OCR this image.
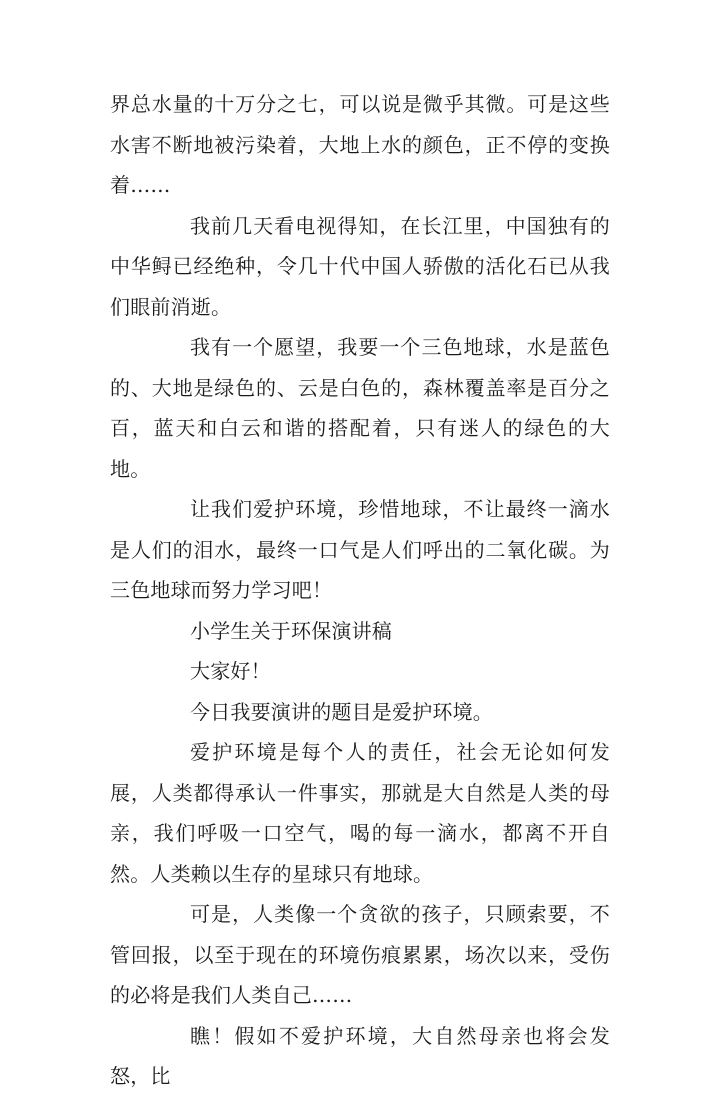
界总水量的十万分之七，可以说是微乎其微。可是这些水害不断地被污染着，大地上水的颜色，正不停的变换着……

我前几天看电视得知，在长江里，中国独有的中华鲟已经绝种，令几十代中国人骄傲的活化石已从我们眼前消逝。

我有一个愿望，我要一个三色地球，水是蓝色的、大地是绿色的、云是白色的，森林覆盖率是百分之百，蓝天和白云和谐的搭配着，只有迷人的绿色的大地。

让我们爱护环境，珍惜地球，不让最终一滴水是人们的泪水，最终一口气是人们呼出的二氧化碳。为三色地球而努力学习吧！

小学生关于环保演讲稿

大家好！

今日我要演讲的题目是爱护环境。

爱护环境是每个人的责任，社会无论如何发展，人类都得承认一件事实，那就是大自然是人类的母亲，我们呼吸一口空气，喝的每一滴水，都离不开自然。人类赖以生存的星球只有地球。

可是，人类像一个贪欲的孩子，只顾索要，不管回报，以至于现在的环境伤痕累累，场次以来，受伤的必将是我们人类自己……

瞧！假如不爱护环境，大自然母亲也将会发怒，比
